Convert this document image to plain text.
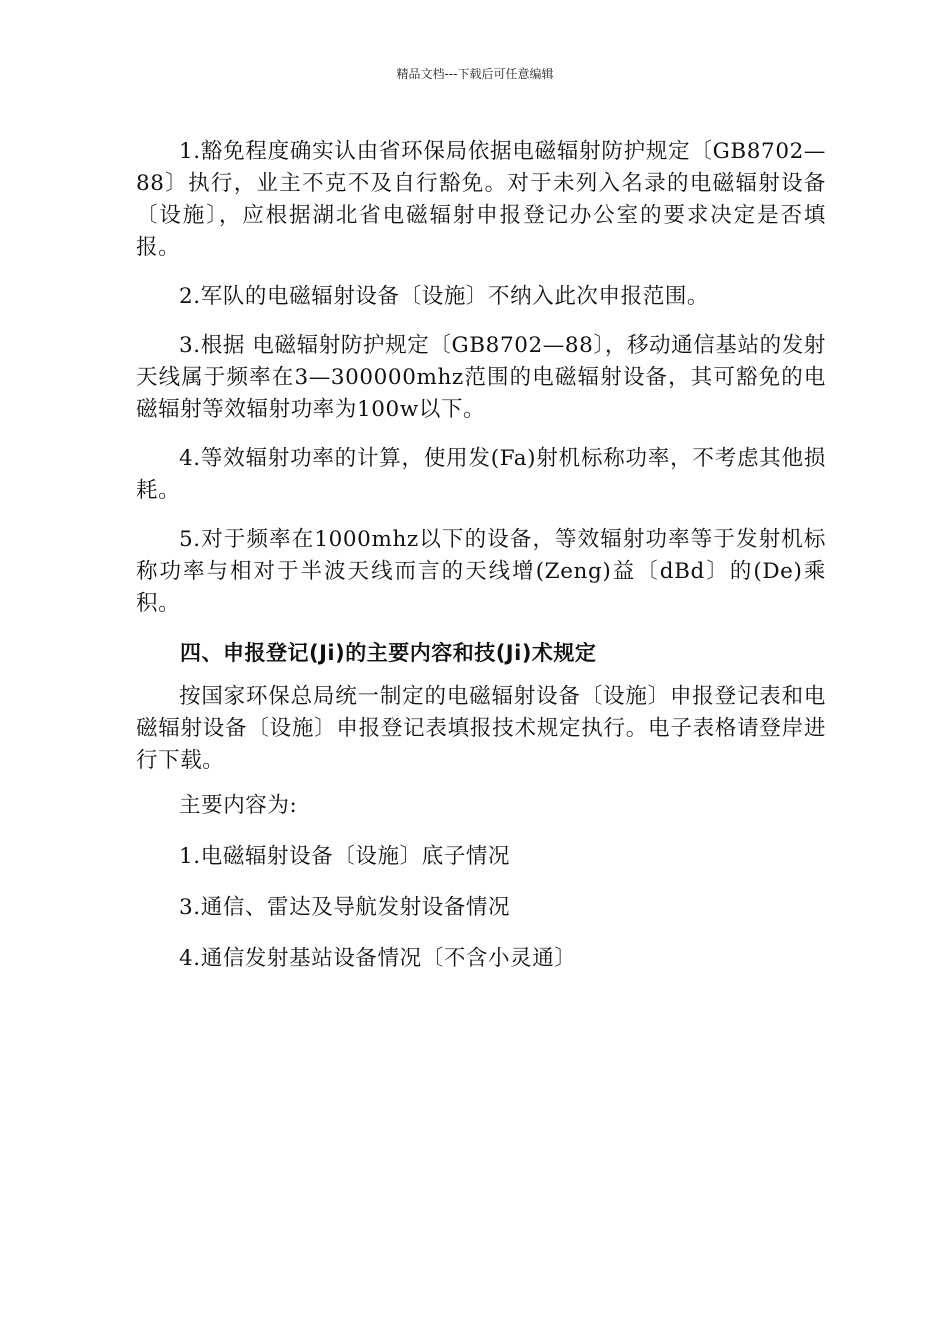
精品文档---下载后可任意编辑

1.豁免程度确实认由省环保局依据电磁辐射防护规定〔GB8702—88〕执行，业主不克不及自行豁免。对于未列入名录的电磁辐射设备〔设施〕，应根据湖北省电磁辐射申报登记办公室的要求决定是否填报。

2.军队的电磁辐射设备〔设施〕不纳入此次申报范围。

3.根据 电磁辐射防护规定〔GB8702—88〕，移动通信基站的发射天线属于频率在3—300000mhz范围的电磁辐射设备，其可豁免的电磁辐射等效辐射功率为100w以下。

4.等效辐射功率的计算，使用发(Fa)射机标称功率，不考虑其他损耗。

5.对于频率在1000mhz以下的设备，等效辐射功率等于发射机标称功率与相对于半波天线而言的天线增(Zeng)益〔dBd〕的(De)乘积。

四、申报登记(Ji)的主要内容和技(Ji)术规定

按国家环保总局统一制定的电磁辐射设备〔设施〕申报登记表和电磁辐射设备〔设施〕申报登记表填报技术规定执行。电子表格请登岸进行下载。

主要内容为:
1.电磁辐射设备〔设施〕底子情况
3.通信、雷达及导航发射设备情况
4.通信发射基站设备情况〔不含小灵通〕
